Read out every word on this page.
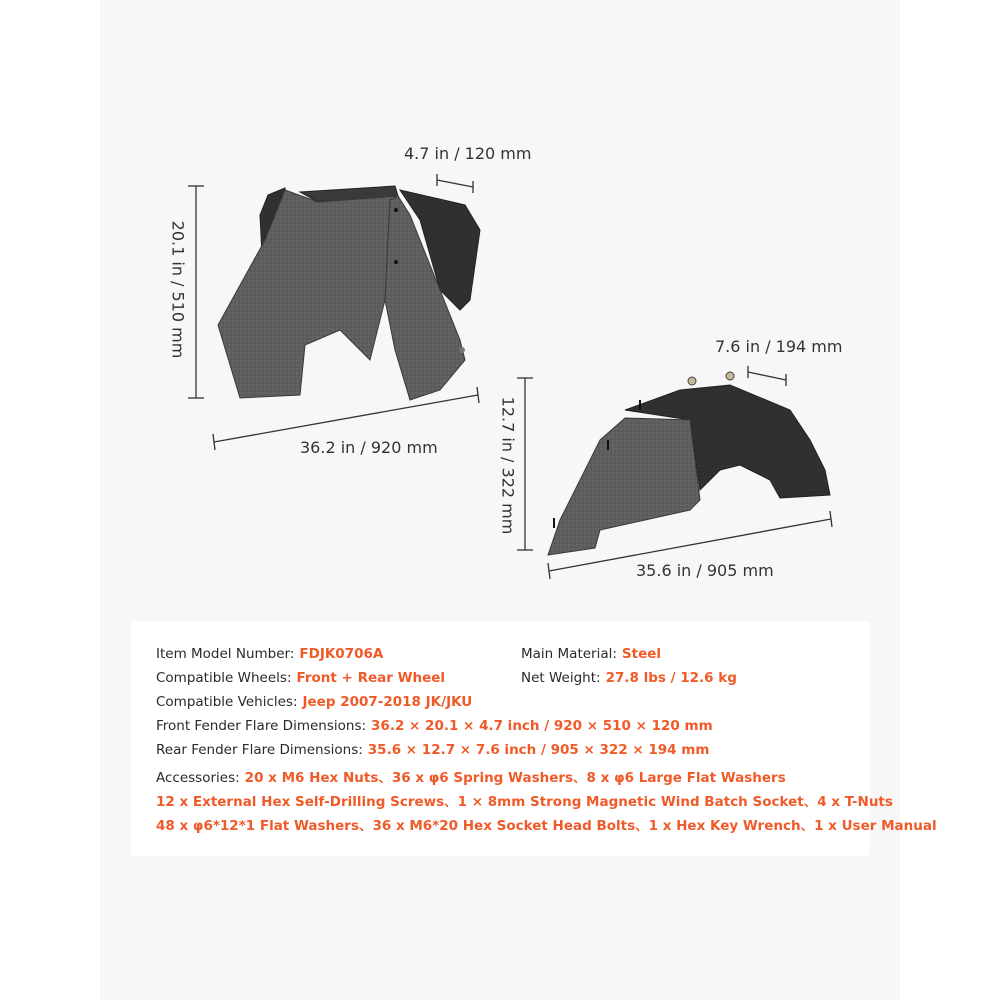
4.7 in / 120 mm
20.1 in / 510 mm
36.2 in / 920 mm
7.6 in / 194 mm
12.7 in / 322 mm
35.6 in / 905 mm
Item Model Number: FDJK0706A	Main Material: Steel
Compatible Wheels: Front + Rear Wheel	Net Weight: 27.8 lbs / 12.6 kg
Compatible Vehicles: Jeep 2007-2018 JK/JKU
Front Fender Flare Dimensions: 36.2 × 20.1 × 4.7 inch / 920 × 510 × 120 mm
Rear Fender Flare Dimensions: 35.6 × 12.7 × 7.6 inch / 905 × 322 × 194 mm
Accessories: 20 x M6 Hex Nuts、36 x φ6 Spring Washers、8 x φ6 Large Flat Washers
12 x External Hex Self-Drilling Screws、1 × 8mm Strong Magnetic Wind Batch Socket、4 x T-Nuts
48 x φ6*12*1 Flat Washers、36 x M6*20 Hex Socket Head Bolts、1 x Hex Key Wrench、1 x User Manual
